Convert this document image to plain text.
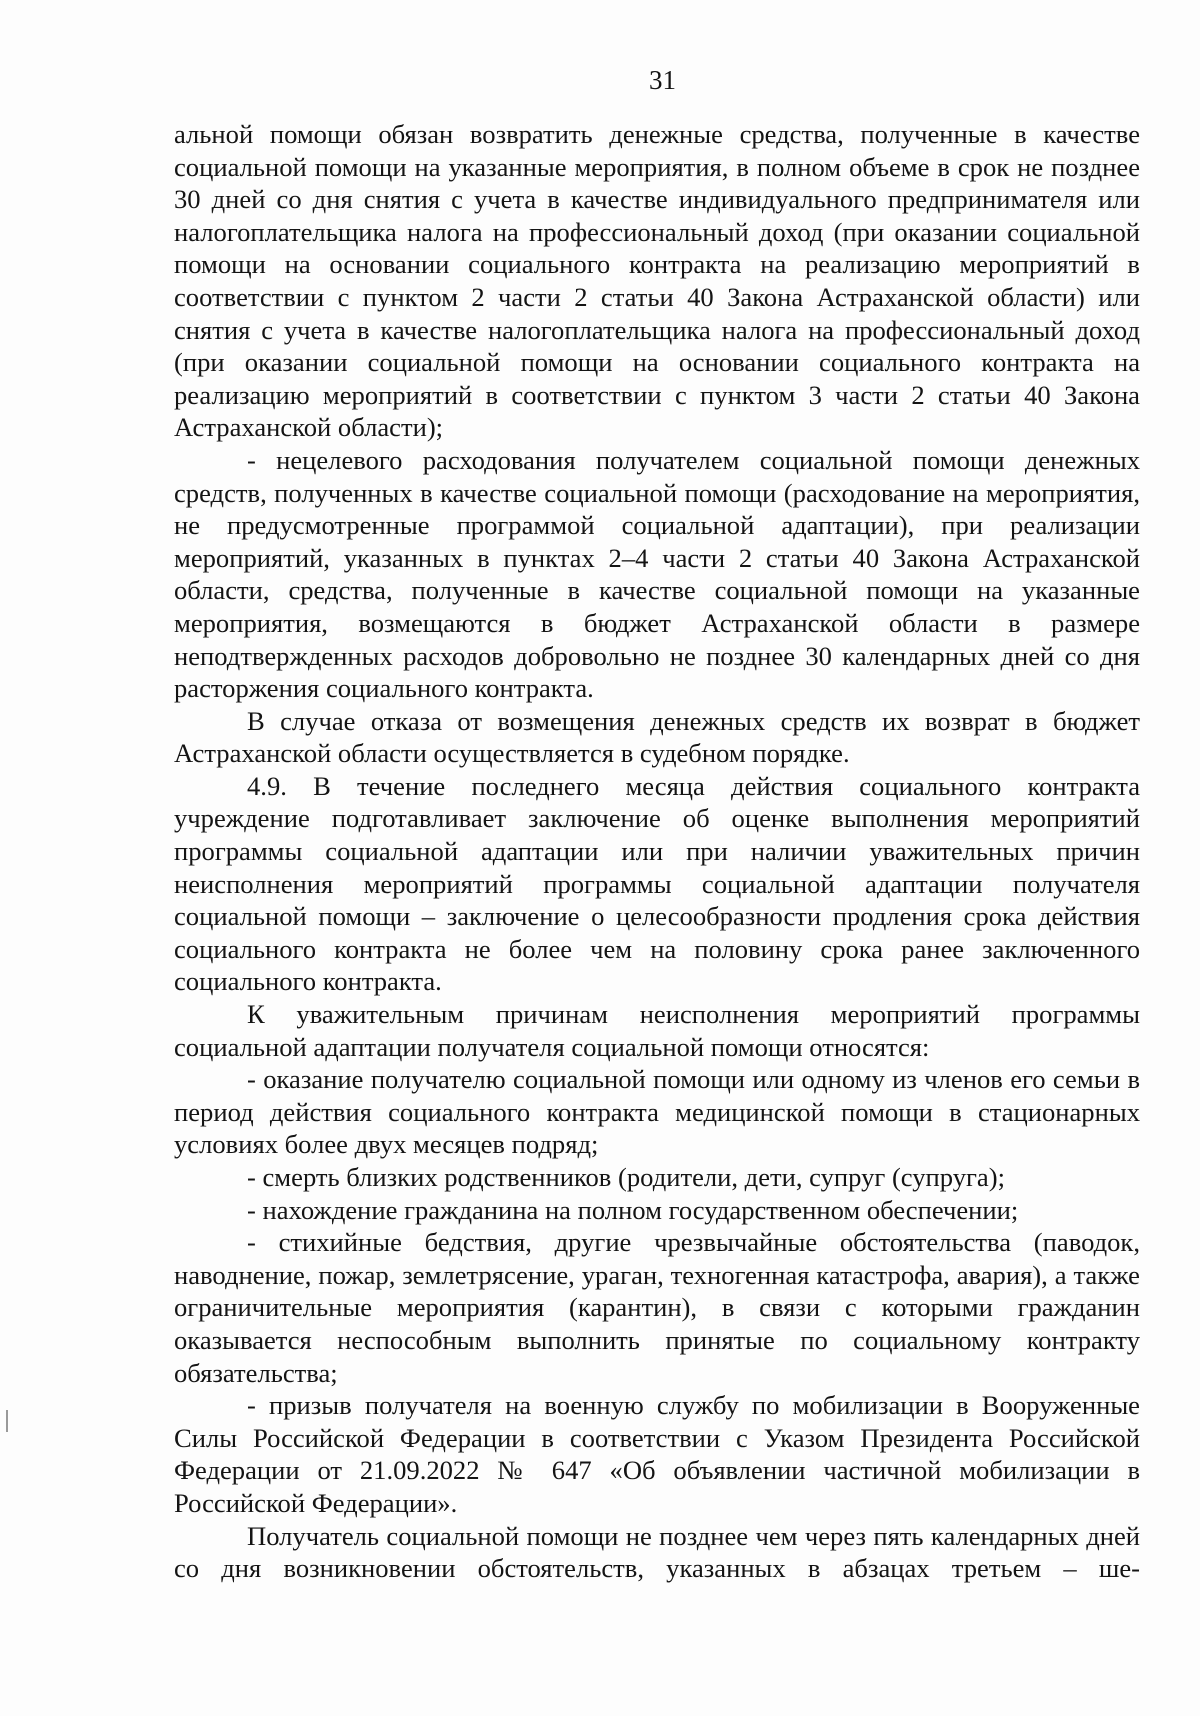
31

альной помощи обязан возвратить денежные средства, полученные в качестве социальной помощи на указанные мероприятия, в полном объеме в срок не позднее 30 дней со дня снятия с учета в качестве индивидуального предпринимателя или налогоплательщика налога на профессиональный доход (при оказании социальной помощи на основании социального контракта на реализацию мероприятий в соответствии с пунктом 2 части 2 статьи 40 Закона Астраханской области) или снятия с учета в качестве налогоплательщика налога на профессиональный доход (при оказании социальной помощи на основании социального контракта на реализацию мероприятий в соответствии с пунктом 3 части 2 статьи 40 Закона Астраханской области);

- нецелевого расходования получателем социальной помощи денежных средств, полученных в качестве социальной помощи (расходование на мероприятия, не предусмотренные программой социальной адаптации), при реализации мероприятий, указанных в пунктах 2–4 части 2 статьи 40 Закона Астраханской области, средства, полученные в качестве социальной помощи на указанные мероприятия, возмещаются в бюджет Астраханской области в размере неподтвержденных расходов добровольно не позднее 30 календарных дней со дня расторжения социального контракта.

В случае отказа от возмещения денежных средств их возврат в бюджет Астраханской области осуществляется в судебном порядке.

4.9. В течение последнего месяца действия социального контракта учреждение подготавливает заключение об оценке выполнения мероприятий программы социальной адаптации или при наличии уважительных причин неисполнения мероприятий программы социальной адаптации получателя социальной помощи – заключение о целесообразности продления срока действия социального контракта не более чем на половину срока ранее заключенного социального контракта.

К уважительным причинам неисполнения мероприятий программы социальной адаптации получателя социальной помощи относятся:

- оказание получателю социальной помощи или одному из членов его семьи в период действия социального контракта медицинской помощи в стационарных условиях более двух месяцев подряд;

- смерть близких родственников (родители, дети, супруг (супруга);

- нахождение гражданина на полном государственном обеспечении;

- стихийные бедствия, другие чрезвычайные обстоятельства (паводок, наводнение, пожар, землетрясение, ураган, техногенная катастрофа, авария), а также ограничительные мероприятия (карантин), в связи с которыми гражданин оказывается неспособным выполнить принятые по социальному контракту обязательства;

- призыв получателя на военную службу по мобилизации в Вооруженные Силы Российской Федерации в соответствии с Указом Президента Российской Федерации от 21.09.2022 № 647 «Об объявлении частичной мобилизации в Российской Федерации».

Получатель социальной помощи не позднее чем через пять календарных дней со дня возникновении обстоятельств, указанных в абзацах третьем – ше-
